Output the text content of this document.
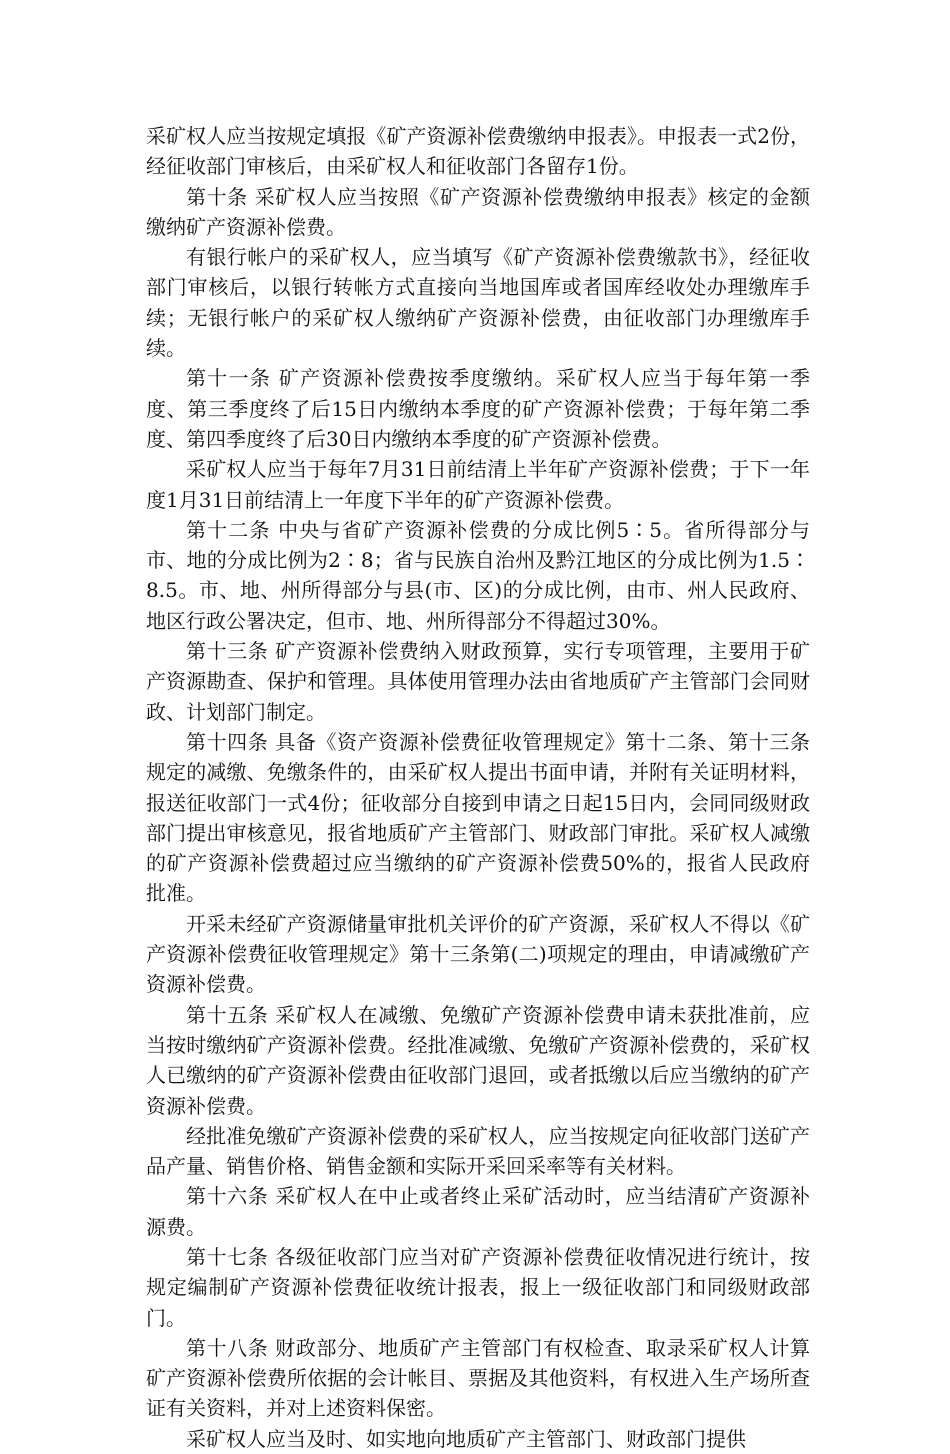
采矿权人应当按规定填报《矿产资源补偿费缴纳申报表》。申报表一式2份，经征收部门审核后，由采矿权人和征收部门各留存1份。

第十条 采矿权人应当按照《矿产资源补偿费缴纳申报表》核定的金额缴纳矿产资源补偿费。

有银行帐户的采矿权人，应当填写《矿产资源补偿费缴款书》，经征收部门审核后，以银行转帐方式直接向当地国库或者国库经收处办理缴库手续；无银行帐户的采矿权人缴纳矿产资源补偿费，由征收部门办理缴库手续。

第十一条 矿产资源补偿费按季度缴纳。采矿权人应当于每年第一季度、第三季度终了后15日内缴纳本季度的矿产资源补偿费；于每年第二季度、第四季度终了后30日内缴纳本季度的矿产资源补偿费。

采矿权人应当于每年7月31日前结清上半年矿产资源补偿费；于下一年度1月31日前结清上一年度下半年的矿产资源补偿费。

第十二条 中央与省矿产资源补偿费的分成比例5∶5。省所得部分与市、地的分成比例为2∶8；省与民族自治州及黔江地区的分成比例为1.5∶8.5。市、地、州所得部分与县(市、区)的分成比例，由市、州人民政府、地区行政公署决定，但市、地、州所得部分不得超过30%。

第十三条 矿产资源补偿费纳入财政预算，实行专项管理，主要用于矿产资源勘查、保护和管理。具体使用管理办法由省地质矿产主管部门会同财政、计划部门制定。

第十四条 具备《资产资源补偿费征收管理规定》第十二条、第十三条规定的减缴、免缴条件的，由采矿权人提出书面申请，并附有关证明材料，报送征收部门一式4份；征收部分自接到申请之日起15日内，会同同级财政部门提出审核意见，报省地质矿产主管部门、财政部门审批。采矿权人减缴的矿产资源补偿费超过应当缴纳的矿产资源补偿费50%的，报省人民政府批准。

开采未经矿产资源储量审批机关评价的矿产资源，采矿权人不得以《矿产资源补偿费征收管理规定》第十三条第(二)项规定的理由，申请减缴矿产资源补偿费。

第十五条 采矿权人在减缴、免缴矿产资源补偿费申请未获批准前，应当按时缴纳矿产资源补偿费。经批准减缴、免缴矿产资源补偿费的，采矿权人已缴纳的矿产资源补偿费由征收部门退回，或者抵缴以后应当缴纳的矿产资源补偿费。

经批准免缴矿产资源补偿费的采矿权人，应当按规定向征收部门送矿产品产量、销售价格、销售金额和实际开采回采率等有关材料。

第十六条 采矿权人在中止或者终止采矿活动时，应当结清矿产资源补源费。

第十七条 各级征收部门应当对矿产资源补偿费征收情况进行统计，按规定编制矿产资源补偿费征收统计报表，报上一级征收部门和同级财政部门。

第十八条 财政部分、地质矿产主管部门有权检查、取录采矿权人计算矿产资源补偿费所依据的会计帐目、票据及其他资料，有权进入生产场所查证有关资料，并对上述资料保密。

采矿权人应当及时、如实地向地质矿产主管部门、财政部门提供
